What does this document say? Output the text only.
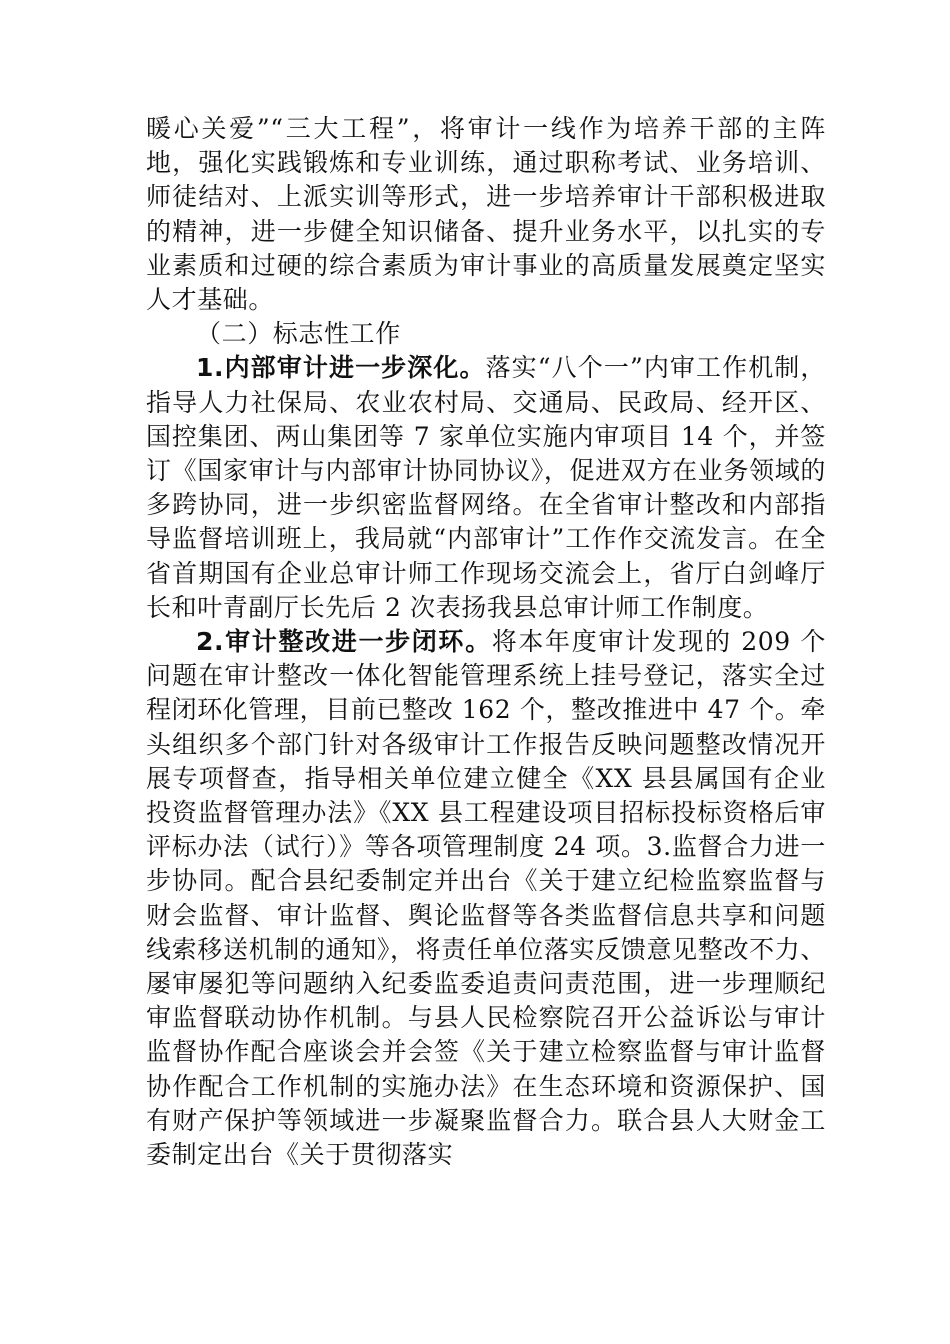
暖心关爱”“三大工程”，将审计一线作为培养干部的主阵地，强化实践锻炼和专业训练，通过职称考试、业务培训、师徒结对、上派实训等形式，进一步培养审计干部积极进取的精神，进一步健全知识储备、提升业务水平，以扎实的专业素质和过硬的综合素质为审计事业的高质量发展奠定坚实人才基础。

（二）标志性工作

1.内部审计进一步深化。落实“八个一”内审工作机制，指导人力社保局、农业农村局、交通局、民政局、经开区、国控集团、两山集团等 7 家单位实施内审项目 14 个，并签订《国家审计与内部审计协同协议》，促进双方在业务领域的多跨协同，进一步织密监督网络。在全省审计整改和内部指导监督培训班上，我局就“内部审计”工作作交流发言。在全省首期国有企业总审计师工作现场交流会上，省厅白剑峰厅长和叶青副厅长先后 2 次表扬我县总审计师工作制度。

2.审计整改进一步闭环。将本年度审计发现的 209 个问题在审计整改一体化智能管理系统上挂号登记，落实全过程闭环化管理，目前已整改 162 个，整改推进中 47 个。牵头组织多个部门针对各级审计工作报告反映问题整改情况开展专项督查，指导相关单位建立健全《XX 县县属国有企业投资监督管理办法》《XX 县工程建设项目招标投标资格后审评标办法（试行）》等各项管理制度 24 项。3.监督合力进一步协同。配合县纪委制定并出台《关于建立纪检监察监督与财会监督、审计监督、舆论监督等各类监督信息共享和问题线索移送机制的通知》，将责任单位落实反馈意见整改不力、屡审屡犯等问题纳入纪委监委追责问责范围，进一步理顺纪审监督联动协作机制。与县人民检察院召开公益诉讼与审计监督协作配合座谈会并会签《关于建立检察监督与审计监督协作配合工作机制的实施办法》在生态环境和资源保护、国有财产保护等领域进一步凝聚监督合力。联合县人大财金工委制定出台《关于贯彻落实
